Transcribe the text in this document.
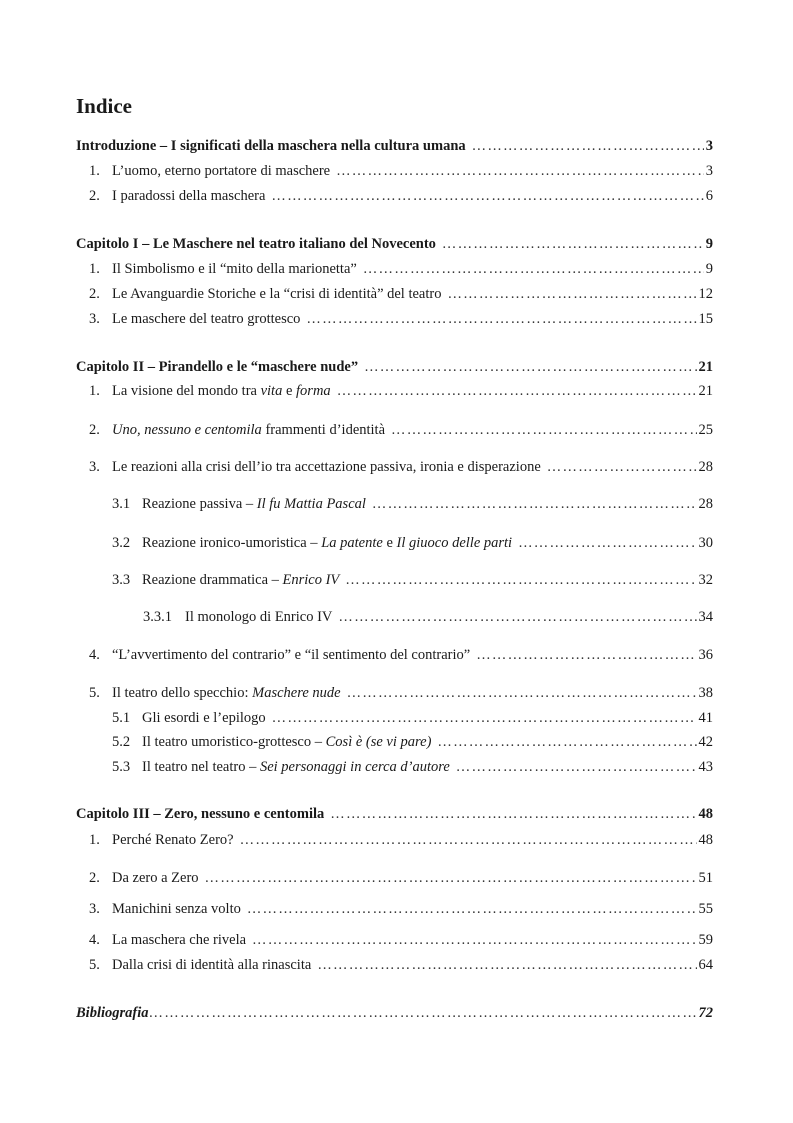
Indice
Introduzione – I significati della maschera nella cultura umana …………………………………………………………………………………………………………………………………………………………………………	3
1. L’uomo, eterno portatore di maschere …………………………………………………………………………………………………………………………………………………………………………	3
2. I paradossi della maschera …………………………………………………………………………………………………………………………………………………………………………	6
Capitolo I – Le Maschere nel teatro italiano del Novecento …………………………………………………………………………………………………………………………………………………………………………	9
1. Il Simbolismo e il “mito della marionetta” …………………………………………………………………………………………………………………………………………………………………………	9
2. Le Avanguardie Storiche e la “crisi di identità” del teatro …………………………………………………………………………………………………………………………………………………………………………	12
3. Le maschere del teatro grottesco …………………………………………………………………………………………………………………………………………………………………………	15
Capitolo II – Pirandello e le “maschere nude” …………………………………………………………………………………………………………………………………………………………………………	21
1. La visione del mondo tra vita e forma …………………………………………………………………………………………………………………………………………………………………………	21
2. Uno, nessuno e centomila frammenti d’identità …………………………………………………………………………………………………………………………………………………………………………	25
3. Le reazioni alla crisi dell’io tra accettazione passiva, ironia e disperazione …………………………………………………………………………………………………………………………………………………………………………	28
3.1 Reazione passiva – Il fu Mattia Pascal …………………………………………………………………………………………………………………………………………………………………………	28
3.2 Reazione ironico-umoristica – La patente e Il giuoco delle parti …………………………………………………………………………………………………………………………………………………………………………	30
3.3 Reazione drammatica – Enrico IV …………………………………………………………………………………………………………………………………………………………………………	32
3.3.1 Il monologo di Enrico IV …………………………………………………………………………………………………………………………………………………………………………	34
4. “L’avvertimento del contrario” e “il sentimento del contrario” …………………………………………………………………………………………………………………………………………………………………………	36
5. Il teatro dello specchio: Maschere nude …………………………………………………………………………………………………………………………………………………………………………	38
5.1 Gli esordi e l’epilogo …………………………………………………………………………………………………………………………………………………………………………	41
5.2 Il teatro umoristico-grottesco – Così è (se vi pare) …………………………………………………………………………………………………………………………………………………………………………	42
5.3 Il teatro nel teatro – Sei personaggi in cerca d’autore …………………………………………………………………………………………………………………………………………………………………………	43
Capitolo III – Zero, nessuno e centomila …………………………………………………………………………………………………………………………………………………………………………	48
1. Perché Renato Zero? …………………………………………………………………………………………………………………………………………………………………………	48
2. Da zero a Zero …………………………………………………………………………………………………………………………………………………………………………	51
3. Manichini senza volto …………………………………………………………………………………………………………………………………………………………………………	55
4. La maschera che rivela …………………………………………………………………………………………………………………………………………………………………………	59
5. Dalla crisi di identità alla rinascita …………………………………………………………………………………………………………………………………………………………………………	64
Bibliografia …………………………………………………………………………………………………………………………………………………………………………	72
